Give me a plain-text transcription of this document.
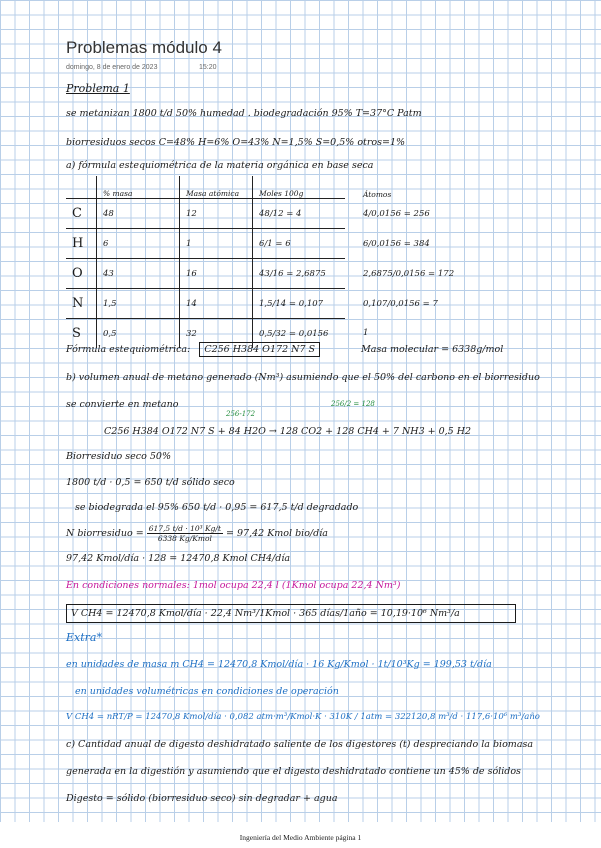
Problemas módulo 4
domingo, 8 de enero de 2023	15:20
Problema 1
se metanizan 1800 t/d 50% humedad . biodegradación 95% T=37°C Patm
biorresiduos secos C=48% H=6% O=43% N=1,5% S=0,5% otros=1%
a) fórmula estequiométrica de la materia orgánica en base seca
	% masa	Masa atómica	Moles 100g	Átomos
C	48	12	48/12 = 4	4/0,0156 = 256
H	6	1	6/1 = 6	6/0,0156 = 384
O	43	16	43/16 = 2,6875	2,6875/0,0156 = 172
N	1,5	14	1,5/14 = 0,107	0,107/0,0156 = 7
S	0,5	32	0,5/32 = 0,0156	1
Fórmula estequiométrica: C256 H384 O172 N7 S	Masa molecular = 6338g/mol
b) volumen anual de metano generado (Nm³) asumiendo que el 50% del carbono en el biorresiduo
se convierte en metano
256-172
256/2 = 128
C256 H384 O172 N7 S + 84 H2O → 128 CO2 + 128 CH4 + 7 NH3 + 0,5 H2
Biorresiduo seco 50%
1800 t/d · 0,5 = 650 t/d sólido seco
se biodegrada el 95% 650 t/d · 0,95 = 617,5 t/d degradado
N biorresiduo = $\frac{\text{617,5 t/d · 10³ Kg/t}}{\text{6338 Kg/Kmol}} = 97,42$ Kmol bio/día
97,42 Kmol/día · 128 = 12470,8 Kmol CH4/día
En condiciones normales: 1mol ocupa 22,4 l (1Kmol ocupa 22,4 Nm³)
V CH4 = 12470,8 Kmol/día · 22,4 Nm³/1Kmol · 365 días/1año = 10,19·10⁶ Nm³/a
Extra*
en unidades de masa m CH4 = 12470,8 Kmol/día · 16 Kg/Kmol · 1t/10³Kg = 199,53 t/día
en unidades volumétricas en condiciones de operación
V CH4 = nRT/P = 12470,8 Kmol/día · 0,082 atm·m³/Kmol·K · 310K / 1atm = 322120,8 m³/d · 117,6·10⁶ m³/año
c) Cantidad anual de digesto deshidratado saliente de los digestores (t) despreciando la biomasa
generada en la digestión y asumiendo que el digesto deshidratado contiene un 45% de sólidos
Digesto = sólido (biorresiduo seco) sin degradar + agua
Ingeniería del Medio Ambiente página 1
